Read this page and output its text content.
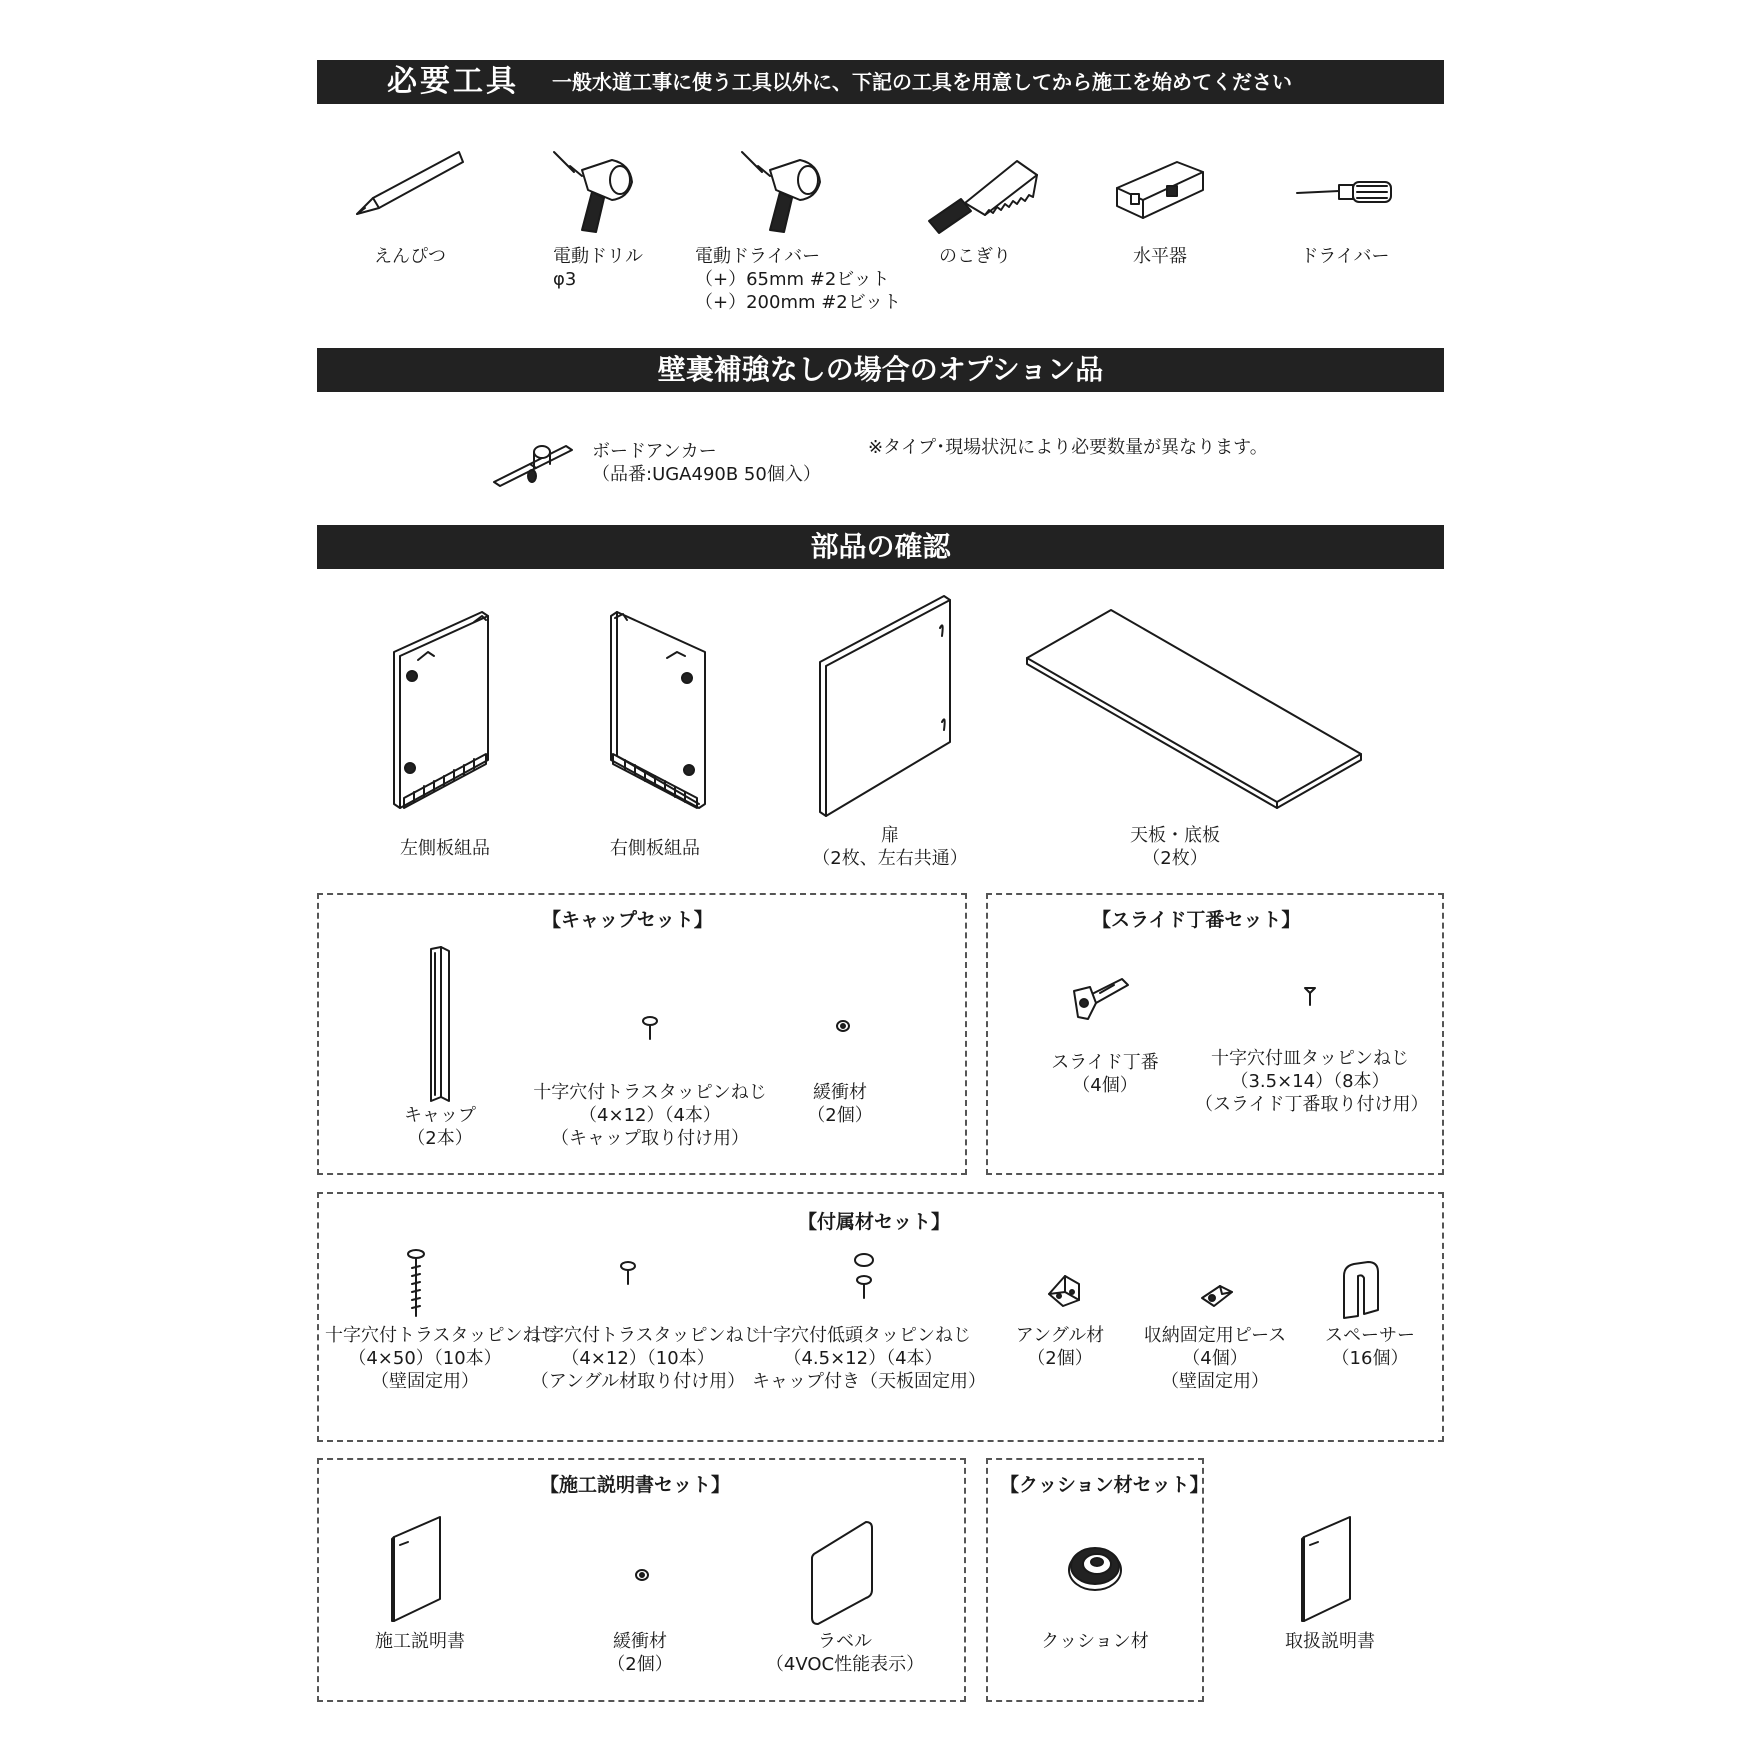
必要工具 一般水道工事に使う工具以外に、下記の工具を用意してから施工を始めてください
えんぴつ	電動ドリル
φ3
電動ドライバー
（+）65mm #2ビット
（+）200mm #2ビット
のこぎり	水平器	ドライバー
壁裏補強なしの場合のオプション品
ボードアンカー
（品番:UGA490B 50個入）
※タイプ･現場状況により必要数量が異なります。
部品の確認
左側板組品	右側板組品
扉
（2枚、左右共通）
天板・底板
（2枚）
【キャップセット】
キャップ
（2本）
十字穴付トラスタッピンねじ
（4×12）（4本）
（キャップ取り付け用）
緩衝材
（2個）
【スライド丁番セット】
スライド丁番
（4個）
十字穴付皿タッピンねじ
（3.5×14）（8本）
（スライド丁番取り付け用）
【付属材セット】
十字穴付トラスタッピンねじ
（4×50）（10本）
（壁固定用）
十字穴付トラスタッピンねじ
（4×12）（10本）
（アングル材取り付け用）
十字穴付低頭タッピンねじ
（4.5×12）（4本）
キャップ付き（天板固定用）
アングル材
（2個）
収納固定用ピース
（4個）
（壁固定用）
スペーサー
（16個）
【施工説明書セット】
施工説明書	緩衝材
（2個）
ラベル
（4VOC性能表示）
【クッション材セット】
クッション材	取扱説明書
